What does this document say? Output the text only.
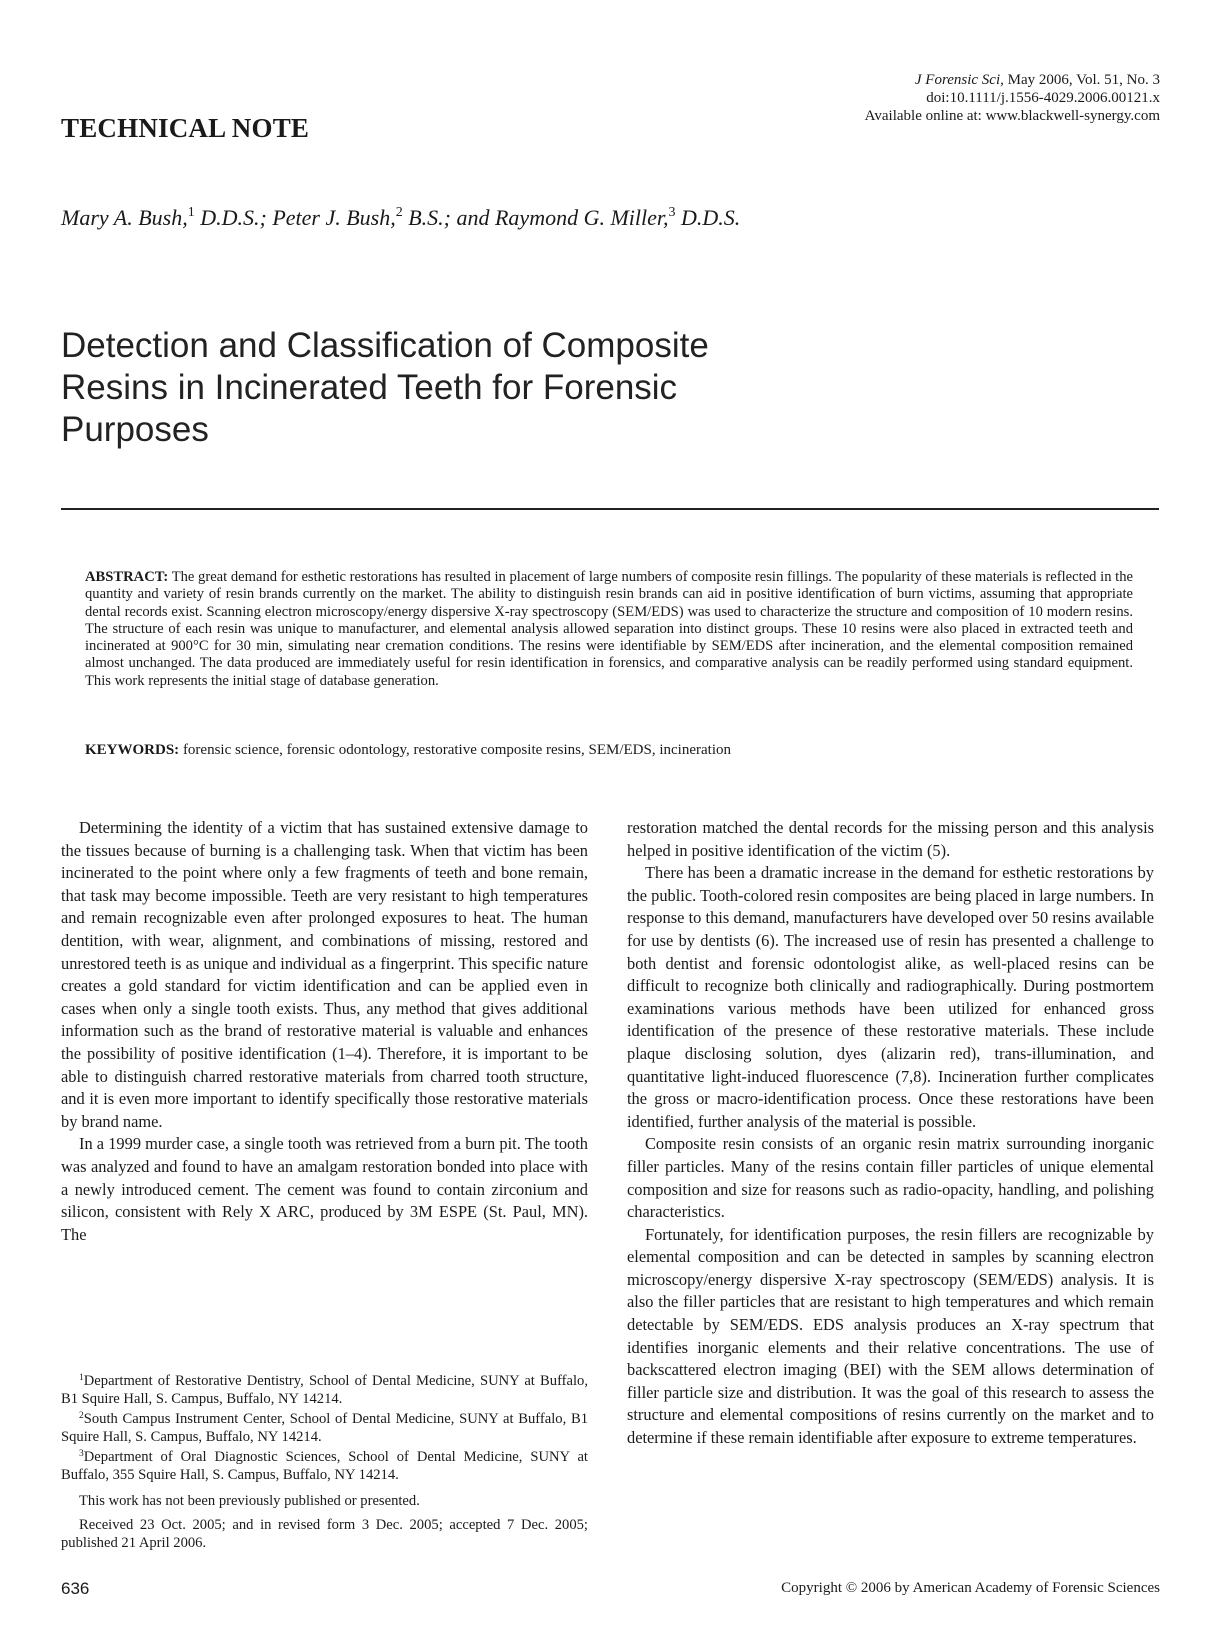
J Forensic Sci, May 2006, Vol. 51, No. 3
doi:10.1111/j.1556-4029.2006.00121.x
Available online at: www.blackwell-synergy.com
TECHNICAL NOTE
Mary A. Bush,$^1$ D.D.S.; Peter J. Bush,$^2$ B.S.; and Raymond G. Miller,$^3$ D.D.S.
Detection and Classification of Composite Resins in Incinerated Teeth for Forensic Purposes
ABSTRACT: The great demand for esthetic restorations has resulted in placement of large numbers of composite resin fillings. The popularity of these materials is reflected in the quantity and variety of resin brands currently on the market. The ability to distinguish resin brands can aid in positive identification of burn victims, assuming that appropriate dental records exist. Scanning electron microscopy/energy dispersive X-ray spectroscopy (SEM/EDS) was used to characterize the structure and composition of 10 modern resins. The structure of each resin was unique to manufacturer, and elemental analysis allowed separation into distinct groups. These 10 resins were also placed in extracted teeth and incinerated at 900°C for 30 min, simulating near cremation conditions. The resins were identifiable by SEM/EDS after incineration, and the elemental composition remained almost unchanged. The data produced are immediately useful for resin identification in forensics, and comparative analysis can be readily performed using standard equipment. This work represents the initial stage of database generation.
KEYWORDS: forensic science, forensic odontology, restorative composite resins, SEM/EDS, incineration

Determining the identity of a victim that has sustained extensive damage to the tissues because of burning is a challenging task. When that victim has been incinerated to the point where only a few fragments of teeth and bone remain, that task may become impossible. Teeth are very resistant to high temperatures and remain recognizable even after prolonged exposures to heat. The human dentition, with wear, alignment, and combinations of missing, restored and unrestored teeth is as unique and individual as a fingerprint. This specific nature creates a gold standard for victim identification and can be applied even in cases when only a single tooth exists. Thus, any method that gives additional information such as the brand of restorative material is valuable and enhances the possibility of positive identification (1–4). Therefore, it is important to be able to distinguish charred restorative materials from charred tooth structure, and it is even more important to identify specifically those restorative materials by brand name.

In a 1999 murder case, a single tooth was retrieved from a burn pit. The tooth was analyzed and found to have an amalgam restoration bonded into place with a newly introduced cement. The cement was found to contain zirconium and silicon, consistent with Rely X ARC, produced by 3M ESPE (St. Paul, MN). The

restoration matched the dental records for the missing person and this analysis helped in positive identification of the victim (5).

There has been a dramatic increase in the demand for esthetic restorations by the public. Tooth-colored resin composites are being placed in large numbers. In response to this demand, manufacturers have developed over 50 resins available for use by dentists (6). The increased use of resin has presented a challenge to both dentist and forensic odontologist alike, as well-placed resins can be difficult to recognize both clinically and radiographically. During postmortem examinations various methods have been utilized for enhanced gross identification of the presence of these restorative materials. These include plaque disclosing solution, dyes (alizarin red), trans-illumination, and quantitative light-induced fluorescence (7,8). Incineration further complicates the gross or macro-identification process. Once these restorations have been identified, further analysis of the material is possible.

Composite resin consists of an organic resin matrix surrounding inorganic filler particles. Many of the resins contain filler particles of unique elemental composition and size for reasons such as radio-opacity, handling, and polishing characteristics.

Fortunately, for identification purposes, the resin fillers are recognizable by elemental composition and can be detected in samples by scanning electron microscopy/energy dispersive X-ray spectroscopy (SEM/EDS) analysis. It is also the filler particles that are resistant to high temperatures and which remain detectable by SEM/EDS. EDS analysis produces an X-ray spectrum that identifies inorganic elements and their relative concentrations. The use of backscattered electron imaging (BEI) with the SEM allows determination of filler particle size and distribution. It was the goal of this research to assess the structure and elemental compositions of resins currently on the market and to determine if these remain identifiable after exposure to extreme temperatures.

$^1$Department of Restorative Dentistry, School of Dental Medicine, SUNY at Buffalo, B1 Squire Hall, S. Campus, Buffalo, NY 14214.

$^2$South Campus Instrument Center, School of Dental Medicine, SUNY at Buffalo, B1 Squire Hall, S. Campus, Buffalo, NY 14214.

$^3$Department of Oral Diagnostic Sciences, School of Dental Medicine, SUNY at Buffalo, 355 Squire Hall, S. Campus, Buffalo, NY 14214.

This work has not been previously published or presented.

Received 23 Oct. 2005; and in revised form 3 Dec. 2005; accepted 7 Dec. 2005; published 21 April 2006.

636	Copyright © 2006 by American Academy of Forensic Sciences
